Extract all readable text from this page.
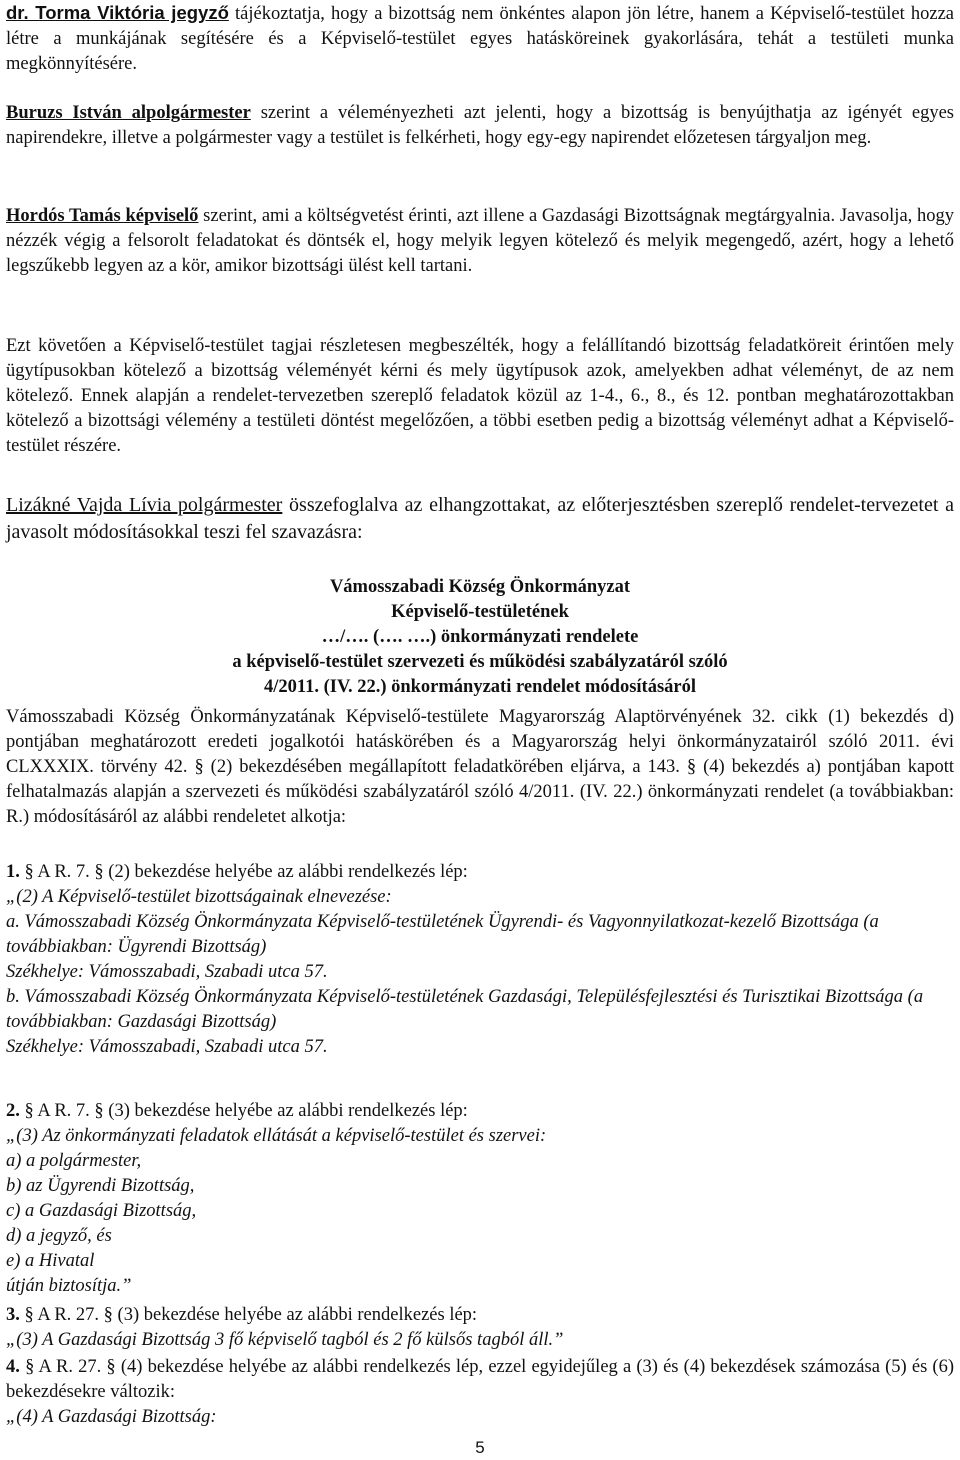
dr. Torma Viktória jegyző tájékoztatja, hogy a bizottság nem önkéntes alapon jön létre, hanem a Képviselő-testület hozza létre a munkájának segítésére és a Képviselő-testület egyes hatásköreinek gyakorlására, tehát a testületi munka megkönnyítésére.

Buruzs István alpolgármester szerint a véleményezheti azt jelenti, hogy a bizottság is benyújthatja az igényét egyes napirendekre, illetve a polgármester vagy a testület is felkérheti, hogy egy-egy napirendet előzetesen tárgyaljon meg.

Hordós Tamás képviselő szerint, ami a költségvetést érinti, azt illene a Gazdasági Bizottságnak megtárgyalnia. Javasolja, hogy nézzék végig a felsorolt feladatokat és döntsék el, hogy melyik legyen kötelező és melyik megengedő, azért, hogy a lehető legszűkebb legyen az a kör, amikor bizottsági ülést kell tartani.

Ezt követően a Képviselő-testület tagjai részletesen megbeszélték, hogy a felállítandó bizottság feladatköreit érintően mely ügytípusokban kötelező a bizottság véleményét kérni és mely ügytípusok azok, amelyekben adhat véleményt, de az nem kötelező. Ennek alapján a rendelet-tervezetben szereplő feladatok közül az 1-4., 6., 8., és 12. pontban meghatározottakban kötelező a bizottsági vélemény a testületi döntést megelőzően, a többi esetben pedig a bizottság véleményt adhat a Képviselő-testület részére.

Lizákné Vajda Lívia polgármester összefoglalva az elhangzottakat, az előterjesztésben szereplő rendelet-tervezetet a javasolt módosításokkal teszi fel szavazásra:

Vámosszabadi Község Önkormányzat
Képviselő-testületének
…/…. (…. ….) önkormányzati rendelete
a képviselő-testület szervezeti és működési szabályzatáról szóló
4/2011. (IV. 22.) önkormányzati rendelet módosításáról

Vámosszabadi Község Önkormányzatának Képviselő-testülete Magyarország Alaptörvényének 32. cikk (1) bekezdés d) pontjában meghatározott eredeti jogalkotói hatáskörében és a Magyarország helyi önkormányzatairól szóló 2011. évi CLXXXIX. törvény 42. § (2) bekezdésében megállapított feladatkörében eljárva, a 143. § (4) bekezdés a) pontjában kapott felhatalmazás alapján a szervezeti és működési szabályzatáról szóló 4/2011. (IV. 22.) önkormányzati rendelet (a továbbiakban: R.) módosításáról az alábbi rendeletet alkotja:

1. § A R. 7. § (2) bekezdése helyébe az alábbi rendelkezés lép:
„(2) A Képviselő-testület bizottságainak elnevezése:
a. Vámosszabadi Község Önkormányzata Képviselő-testületének Ügyrendi- és Vagyonnyilatkozat-kezelő Bizottsága (a továbbiakban: Ügyrendi Bizottság)
Székhelye: Vámosszabadi, Szabadi utca 57.
b. Vámosszabadi Község Önkormányzata Képviselő-testületének Gazdasági, Településfejlesztési és Turisztikai Bizottsága (a továbbiakban: Gazdasági Bizottság)
Székhelye: Vámosszabadi, Szabadi utca 57.
2. § A R. 7. § (3) bekezdése helyébe az alábbi rendelkezés lép:
„(3) Az önkormányzati feladatok ellátását a képviselő-testület és szervei:
a) a polgármester,
b) az Ügyrendi Bizottság,
c) a Gazdasági Bizottság,
d) a jegyző, és
e) a Hivatal
útján biztosítja.”
3. § A R. 27. § (3) bekezdése helyébe az alábbi rendelkezés lép:
„(3) A Gazdasági Bizottság 3 fő képviselő tagból és 2 fő külsős tagból áll.”
4. § A R. 27. § (4) bekezdése helyébe az alábbi rendelkezés lép, ezzel egyidejűleg a (3) és (4) bekezdések számozása (5) és (6) bekezdésekre változik:
„(4) A Gazdasági Bizottság:
5
